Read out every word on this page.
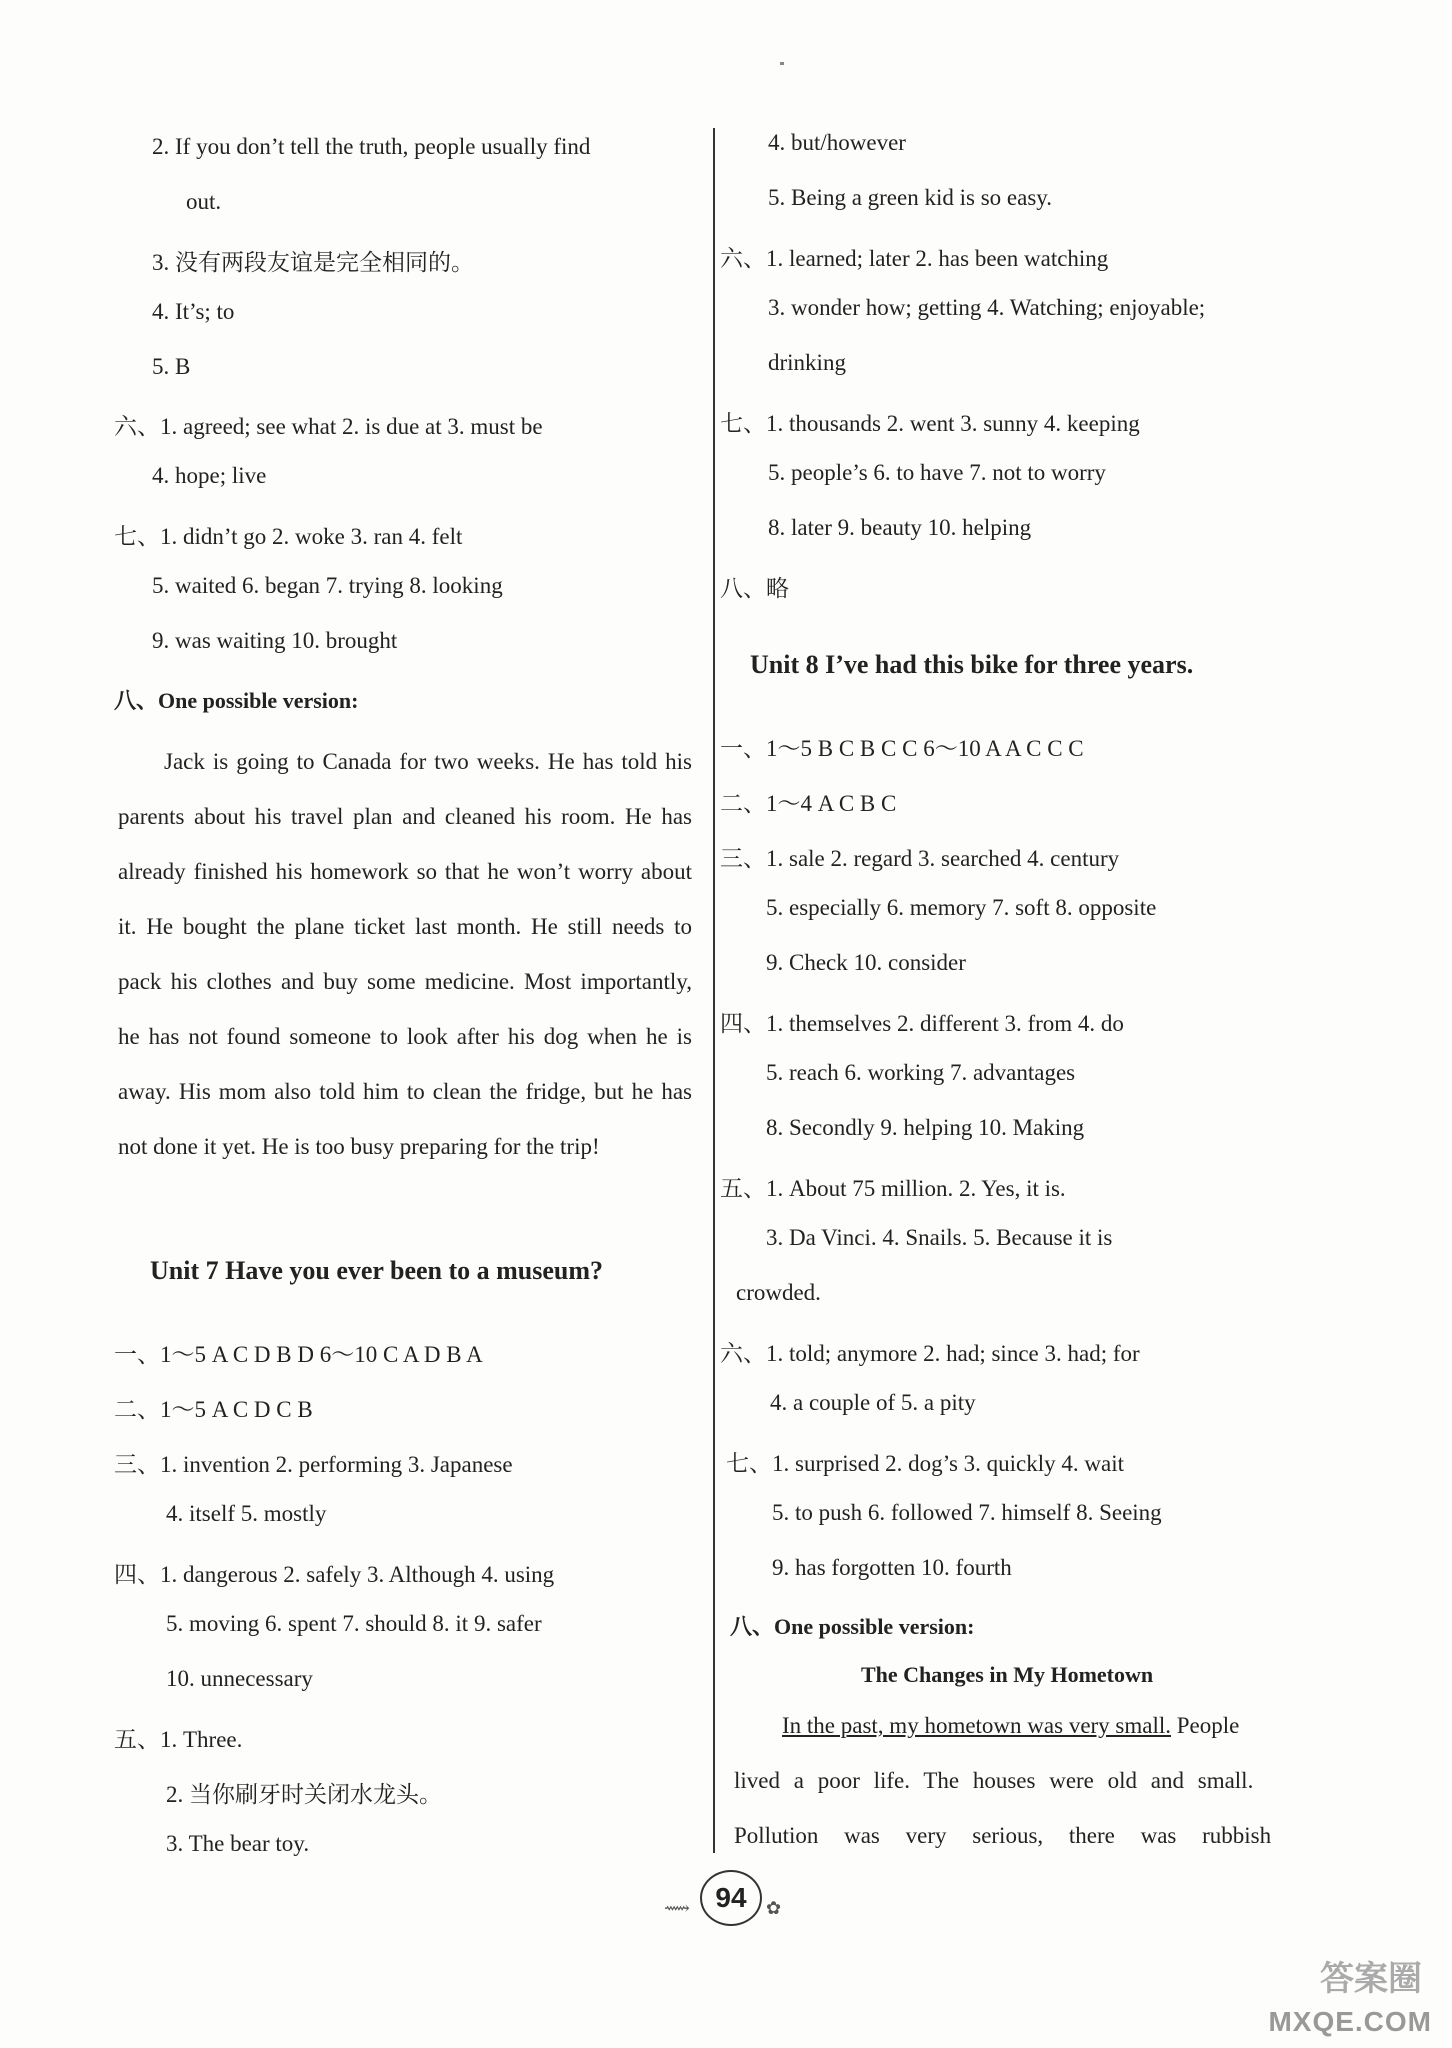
2. If you don’t tell the truth, people usually find
out.
3. 没有两段友谊是完全相同的。
4. It’s; to
5. B
六、1. agreed; see what 2. is due at 3. must be
4. hope; live
七、1. didn’t go 2. woke 3. ran 4. felt
5. waited 6. began 7. trying 8. looking
9. was waiting 10. brought
八、One possible version:
Jack is going to Canada for two weeks. He has told his parents about his travel plan and cleaned his room. He has already finished his homework so that he won’t worry about it. He bought the plane ticket last month. He still needs to pack his clothes and buy some medicine. Most importantly, he has not found someone to look after his dog when he is away. His mom also told him to clean the fridge, but he has not done it yet. He is too busy preparing for the trip!
Unit 7 Have you ever been to a museum?
一、1～5 A C D B D 6～10 C A D B A
二、1～5 A C D C B
三、1. invention 2. performing 3. Japanese
4. itself 5. mostly
四、1. dangerous 2. safely 3. Although 4. using
5. moving 6. spent 7. should 8. it 9. safer
10. unnecessary
五、1. Three.
2. 当你刷牙时关闭水龙头。
3. The bear toy.
4. but/however
5. Being a green kid is so easy.
六、1. learned; later 2. has been watching
3. wonder how; getting 4. Watching; enjoyable;
drinking
七、1. thousands 2. went 3. sunny 4. keeping
5. people’s 6. to have 7. not to worry
8. later 9. beauty 10. helping
八、略
Unit 8 I’ve had this bike for three years.
一、1～5 B C B C C 6～10 A A C C C
二、1～4 A C B C
三、1. sale 2. regard 3. searched 4. century
5. especially 6. memory 7. soft 8. opposite
9. Check 10. consider
四、1. themselves 2. different 3. from 4. do
5. reach 6. working 7. advantages
8. Secondly 9. helping 10. Making
五、1. About 75 million. 2. Yes, it is.
3. Da Vinci. 4. Snails. 5. Because it is
crowded.
六、1. told; anymore 2. had; since 3. had; for
4. a couple of 5. a pity
七、1. surprised 2. dog’s 3. quickly 4. wait
5. to push 6. followed 7. himself 8. Seeing
9. has forgotten 10. fourth
八、One possible version:
The Changes in My Hometown
In the past, my hometown was very small. People
lived a poor life. The houses were old and small.
Pollution was very serious, there was rubbish
⟿ 94	✿
答案圈
MXQE.COM
